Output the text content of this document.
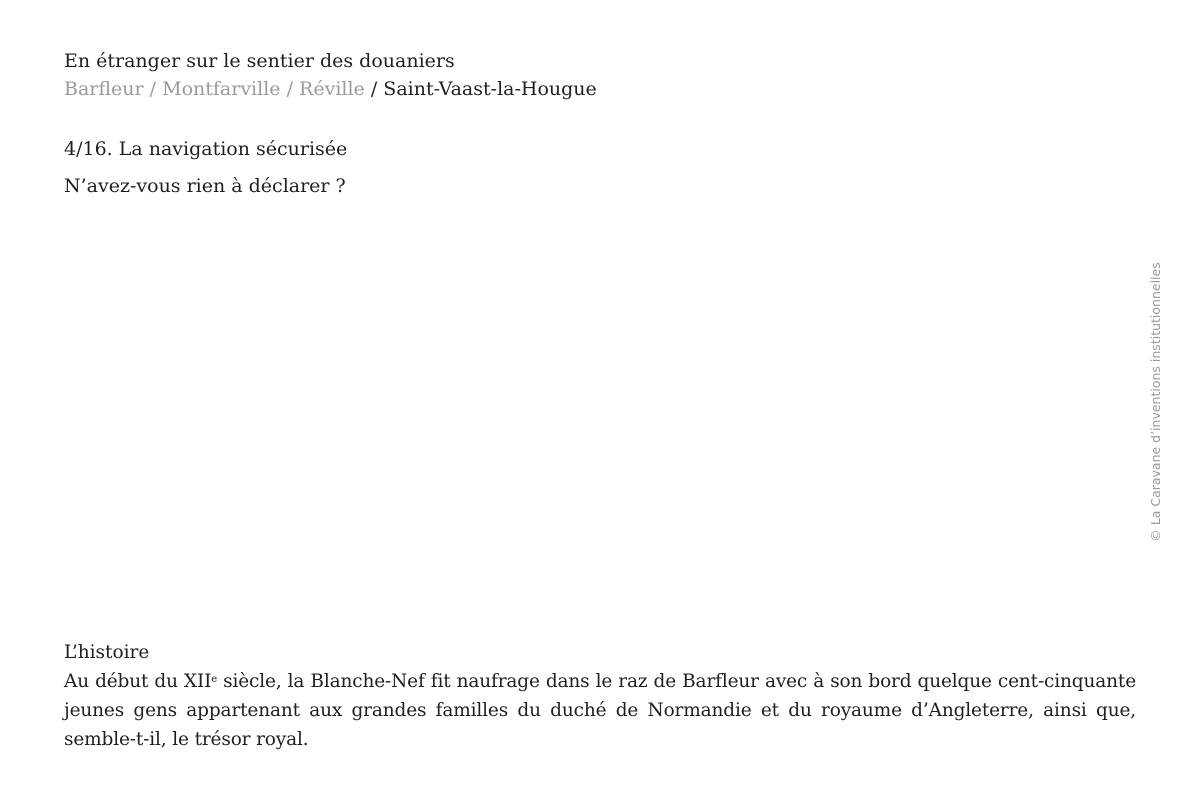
En étranger sur le sentier des douaniers
Barfleur / Montfarville / Réville / Saint-Vaast-la-Hougue
4/16. La navigation sécurisée
N’avez-vous rien à déclarer ?
L’histoire
Au début du XIIe siècle, la Blanche-Nef fit naufrage dans le raz de Barfleur avec à son bord quelque cent-cinquante jeunes gens appartenant aux grandes familles du duché de Normandie et du royaume d’Angleterre, ainsi que, semble-t-il, le trésor royal.
© La Caravane d’inventions institutionnelles
